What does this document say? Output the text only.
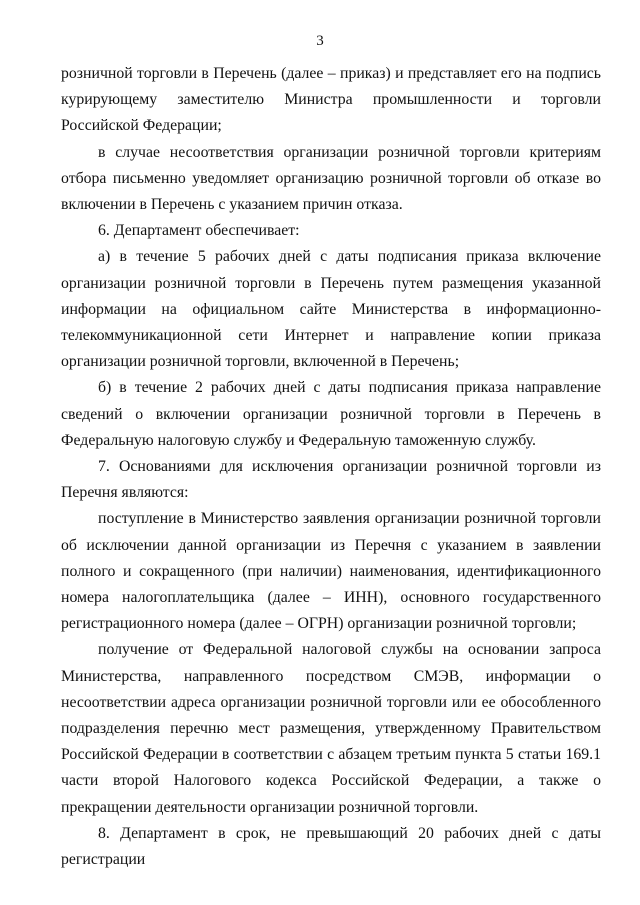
3

розничной торговли в Перечень (далее – приказ) и представляет его на подпись курирующему заместителю Министра промышленности и торговли Российской Федерации;

в случае несоответствия организации розничной торговли критериям отбора письменно уведомляет организацию розничной торговли об отказе во включении в Перечень с указанием причин отказа.

6. Департамент обеспечивает:

а) в течение 5 рабочих дней с даты подписания приказа включение организации розничной торговли в Перечень путем размещения указанной информации на официальном сайте Министерства в информационно-телекоммуникационной сети Интернет и направление копии приказа организации розничной торговли, включенной в Перечень;

б) в течение 2 рабочих дней с даты подписания приказа направление сведений о включении организации розничной торговли в Перечень в Федеральную налоговую службу и Федеральную таможенную службу.

7. Основаниями для исключения организации розничной торговли из Перечня являются:

поступление в Министерство заявления организации розничной торговли об исключении данной организации из Перечня с указанием в заявлении полного и сокращенного (при наличии) наименования, идентификационного номера налогоплательщика (далее – ИНН), основного государственного регистрационного номера (далее – ОГРН) организации розничной торговли;

получение от Федеральной налоговой службы на основании запроса Министерства, направленного посредством СМЭВ, информации о несоответствии адреса организации розничной торговли или ее обособленного подразделения перечню мест размещения, утвержденному Правительством Российской Федерации в соответствии с абзацем третьим пункта 5 статьи 169.1 части второй Налогового кодекса Российской Федерации, а также о прекращении деятельности организации розничной торговли.

8. Департамент в срок, не превышающий 20 рабочих дней с даты регистрации
